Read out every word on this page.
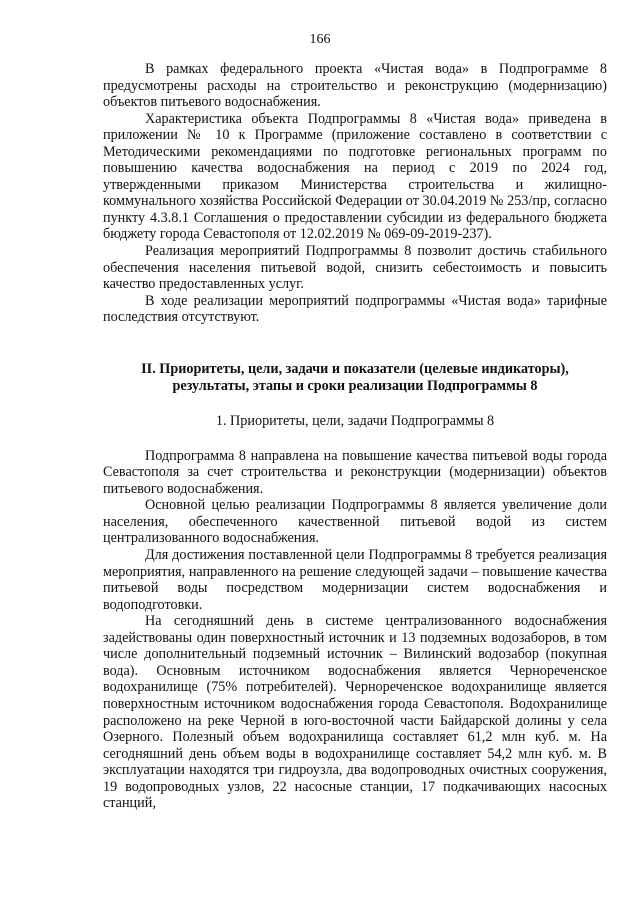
166

В рамках федерального проекта «Чистая вода» в Подпрограмме 8 предусмотрены расходы на строительство и реконструкцию (модернизацию) объектов питьевого водоснабжения.

Характеристика объекта Подпрограммы 8 «Чистая вода» приведена в приложении № 10 к Программе (приложение составлено в соответствии с Методическими рекомендациями по подготовке региональных программ по повышению качества водоснабжения на период с 2019 по 2024 год, утвержденными приказом Министерства строительства и жилищно-коммунального хозяйства Российской Федерации от 30.04.2019 № 253/пр, согласно пункту 4.3.8.1 Соглашения о предоставлении субсидии из федерального бюджета бюджету города Севастополя от 12.02.2019 № 069-09-2019-237).

Реализация мероприятий Подпрограммы 8 позволит достичь стабильного обеспечения населения питьевой водой, снизить себестоимость и повысить качество предоставленных услуг.

В ходе реализации мероприятий подпрограммы «Чистая вода» тарифные последствия отсутствуют.

II. Приоритеты, цели, задачи и показатели (целевые индикаторы), результаты, этапы и сроки реализации Подпрограммы 8
1. Приоритеты, цели, задачи Подпрограммы 8

Подпрограмма 8 направлена на повышение качества питьевой воды города Севастополя за счет строительства и реконструкции (модернизации) объектов питьевого водоснабжения.

Основной целью реализации Подпрограммы 8 является увеличение доли населения, обеспеченного качественной питьевой водой из систем централизованного водоснабжения.

Для достижения поставленной цели Подпрограммы 8 требуется реализация мероприятия, направленного на решение следующей задачи – повышение качества питьевой воды посредством модернизации систем водоснабжения и водоподготовки.

На сегодняшний день в системе централизованного водоснабжения задействованы один поверхностный источник и 13 подземных водозаборов, в том числе дополнительный подземный источник – Вилинский водозабор (покупная вода). Основным источником водоснабжения является Чернореченское водохранилище (75% потребителей). Чернореченское водохранилище является поверхностным источником водоснабжения города Севастополя. Водохранилище расположено на реке Черной в юго-восточной части Байдарской долины у села Озерного. Полезный объем водохранилища составляет 61,2 млн куб. м. На сегодняшний день объем воды в водохранилище составляет 54,2 млн куб. м. В эксплуатации находятся три гидроузла, два водопроводных очистных сооружения, 19 водопроводных узлов, 22 насосные станции, 17 подкачивающих насосных станций,
